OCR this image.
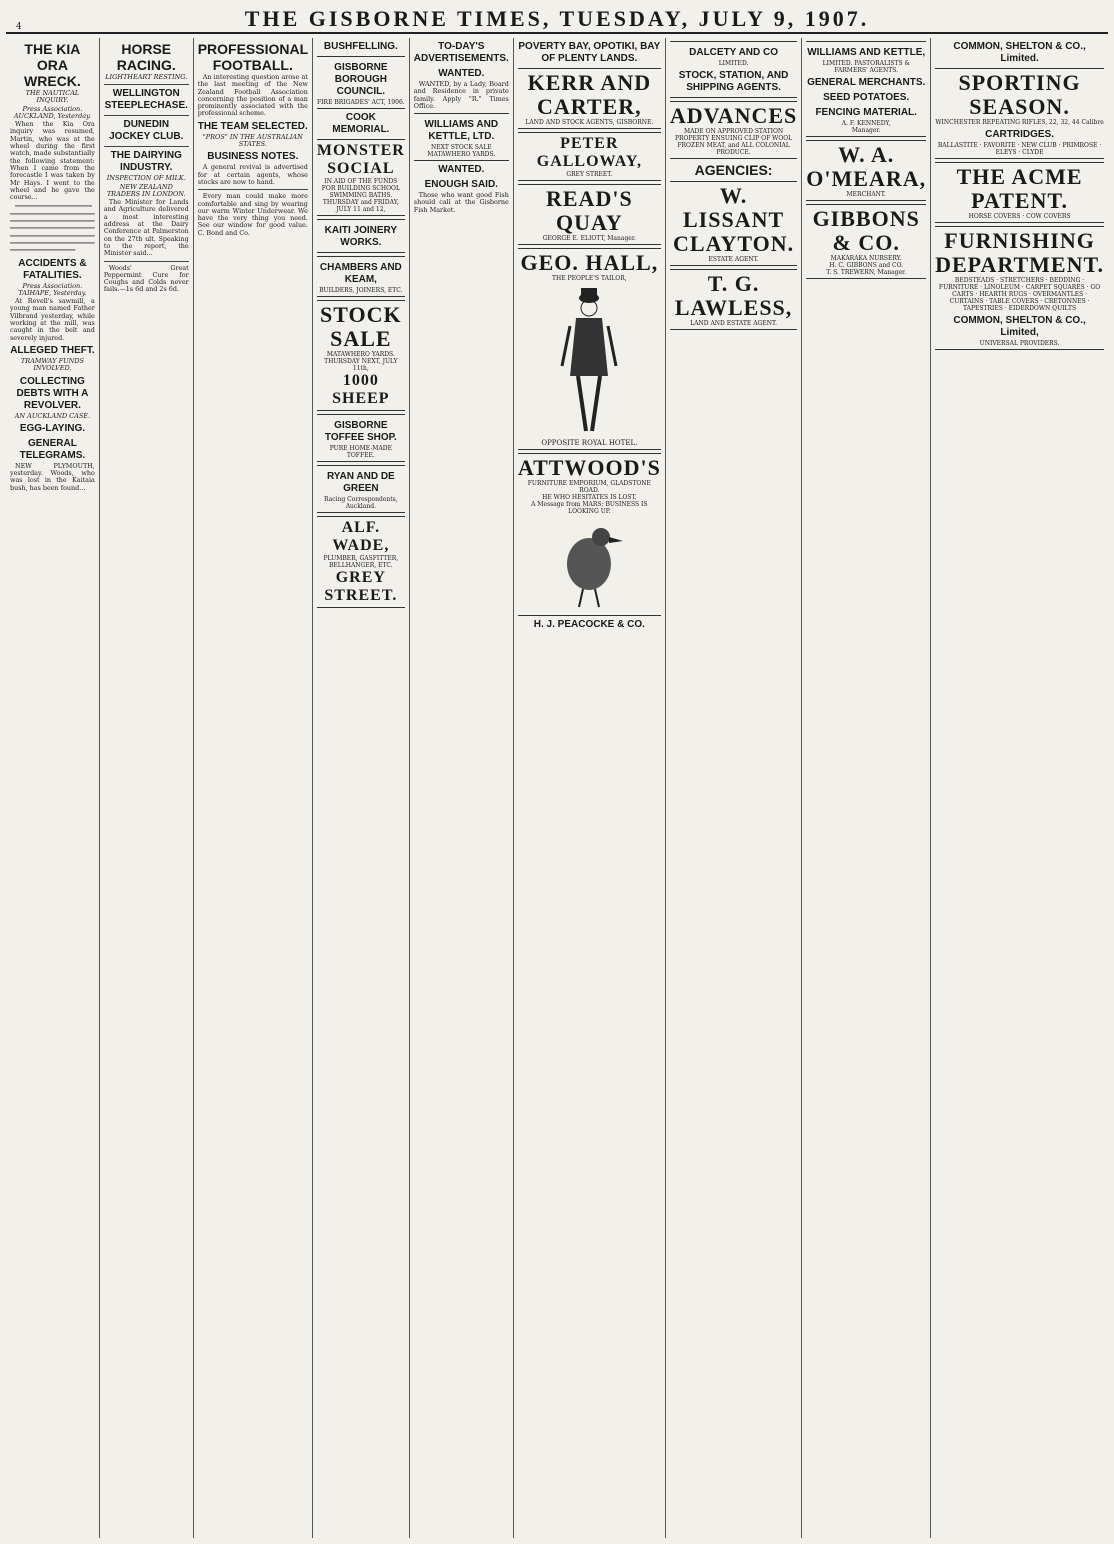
4	THE GISBORNE TIMES, TUESDAY, JULY 9, 1907.
THE KIA ORA WRECK.
THE NAUTICAL INQUIRY.
Press Association. AUCKLAND, Yesterday.

When the Kia Ora inquiry was resumed, Martin, who was at the wheel during the first watch, made substantially the following statement: When I came from the forecastle I was taken by Mr Hays. I went to the wheel and he gave the course...

━━━━━━━━━━━━━━━━━━━━━━━━━━━━━━━━━━━━━━━━━━━━━━━━━━━━━━━━━━━━━━━━━━━━━━━━━━━━━━━━━━━━━━━━━━━━━━━━━━━━━━━━━━━━━━━━━━━━━━━━━━━━━━━━━━━━━━━━━━━━━━━━━━━

ACCIDENTS & FATALITIES.
Press Association. TAIHAPE, Yesterday.

At Revell's sawmill, a young man named Father Vilbrand yesterday, while working at the mill, was caught in the belt and severely injured.

ALLEGED THEFT.
TRAMWAY FUNDS INVOLVED.
COLLECTING DEBTS WITH A REVOLVER.
AN AUCKLAND CASE.
EGG-LAYING.
GENERAL TELEGRAMS.

NEW PLYMOUTH, yesterday. Woods, who was lost in the Kaitaia bush, has been found...

HORSE RACING.
LIGHTHEART RESTING.
WELLINGTON STEEPLECHASE.
DUNEDIN JOCKEY CLUB.
THE DAIRYING INDUSTRY.
INSPECTION OF MILK.
NEW ZEALAND TRADERS IN LONDON.

The Minister for Lands and Agriculture delivered a most interesting address at the Dairy Conference at Palmerston on the 27th ult. Speaking to the report, the Minister said...

Woods' Great Peppermint Cure for Coughs and Colds never fails.—1s 6d and 2s 6d.

PROFESSIONAL FOOTBALL.

An interesting question arose at the last meeting of the New Zealand Football Association concerning the position of a man prominently associated with the professional scheme.

THE TEAM SELECTED.
"PROS" IN THE AUSTRALIAN STATES.
BUSINESS NOTES.

A general revival is advertised for at certain agents, whose stocks are now to hand.

Every man could make more comfortable and sing by wearing our warm Winter Underwear. We have the very thing you need. See our window for good value. C. Bond and Co.

BUSHFELLING.
GISBORNE BOROUGH COUNCIL.
FIRE BRIGADES' ACT, 1906.
COOK MEMORIAL.
MONSTER SOCIAL
IN AID OF THE FUNDS FOR BUILDING SCHOOL SWIMMING BATHS.
THURSDAY and FRIDAY, JULY 11 and 12,
KAITI JOINERY WORKS.
CHAMBERS AND KEAM,
BUILDERS, JOINERS, ETC.
STOCK SALE
MATAWHERO YARDS. THURSDAY NEXT, JULY 11th,
1000 SHEEP
GISBORNE TOFFEE SHOP.
PURE HOME-MADE TOFFEE.
RYAN AND DE GREEN
Racing Correspondents, Auckland.
ALF. WADE,
PLUMBER, GASFITTER, BELLHANGER, ETC.
GREY STREET.
TO-DAY'S ADVERTISEMENTS.
WANTED.

WANTED, by a Lady, Board and Residence in private family. Apply "R." Times Office.

WILLIAMS AND KETTLE, LTD.
NEXT STOCK SALE MATAWHERO YARDS.
WANTED.
ENOUGH SAID.

Those who want good Fish should call at the Gisborne Fish Market.

POVERTY BAY, OPOTIKI, BAY OF PLENTY LANDS.
KERR AND CARTER,
LAND AND STOCK AGENTS, GISBORNE.
PETER GALLOWAY,
GREY STREET.
READ'S QUAY
GEORGE E. ELIOTT, Manager.
GEO. HALL,
THE PEOPLE'S TAILOR,
OPPOSITE ROYAL HOTEL.
ATTWOOD'S
FURNITURE EMPORIUM, GLADSTONE ROAD.
HE WHO HESITATES IS LOST.
A Message from MARS: BUSINESS IS LOOKING UP.
H. J. PEACOCKE & CO.
DALCETY AND CO
LIMITED.
STOCK, STATION, AND SHIPPING AGENTS.
ADVANCES
MADE ON APPROVED STATION PROPERTY ENSUING CLIP OF WOOL FROZEN MEAT, and ALL COLONIAL PRODUCE.
AGENCIES:
W. LISSANT CLAYTON.
ESTATE AGENT.
T. G. LAWLESS,
LAND AND ESTATE AGENT.
WILLIAMS AND KETTLE,
LIMITED. PASTORALISTS & FARMERS' AGENTS.
GENERAL MERCHANTS.
SEED POTATOES.
FENCING MATERIAL.
A. F. KENNEDY,
Manager.
W. A. O'MEARA,
MERCHANT.
GIBBONS & CO.
MAKARAKA NURSERY.
H. C. GIBBONS and CO.
T. S. TREWERN, Manager.
COMMON, SHELTON & CO., Limited.
SPORTING SEASON.
WINCHESTER REPEATING RIFLES, 22, 32, 44 Calibre
CARTRIDGES.
BALLASTITE · FAVORITE · NEW CLUB · PRIMROSE · ELEYS · CLYDE
THE ACME PATENT.
HORSE COVERS · COW COVERS
FURNISHING DEPARTMENT.
BEDSTEADS · STRETCHERS · BEDDING · FURNITURE · LINOLEUM · CARPET SQUARES · GO CARTS · HEARTH RUGS · OVERMANTLES · CURTAINS · TABLE COVERS · CRETONNES · TAPESTRIES · EIDERDOWN QUILTS
COMMON, SHELTON & CO., Limited,
UNIVERSAL PROVIDERS.
